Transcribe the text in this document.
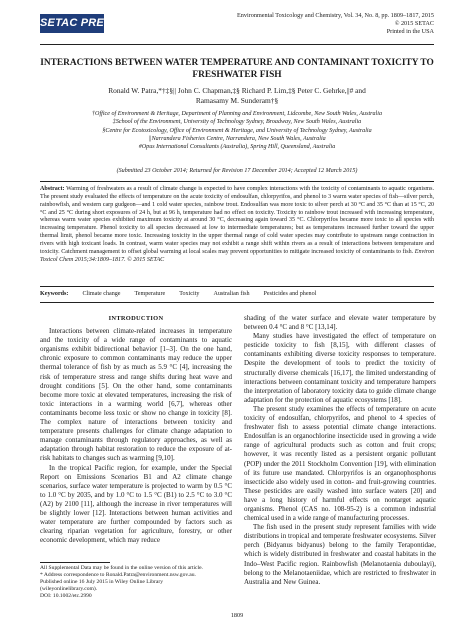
SETAC PRESS
Environmental Toxicology and Chemistry, Vol. 34, No. 8, pp. 1809–1817, 2015
© 2015 SETAC
Printed in the USA
INTERACTIONS BETWEEN WATER TEMPERATURE AND CONTAMINANT TOXICITY TO FRESHWATER FISH
Ronald W. Patra,*†‡§|| John C. Chapman,‡§ Richard P. Lim,‡§ Peter C. Gehrke,||# and
Ramasamy M. Sunderam†§
†Office of Environment & Heritage, Department of Planning and Environment, Lidcombe, New South Wales, Australia
‡School of the Environment, University of Technology Sydney, Broadway, New South Wales, Australia
§Centre for Ecotoxicology, Office of Environment & Heritage, and University of Technology Sydney, Australia
||Narrandera Fisheries Centre, Narrandera, New South Wales, Australia
#Opus International Consultants (Australia), Spring Hill, Queensland, Australia
(Submitted 23 October 2014; Returned for Revision 17 December 2014; Accepted 12 March 2015)
Abstract: Warming of freshwaters as a result of climate change is expected to have complex interactions with the toxicity of contaminants to aquatic organisms. The present study evaluated the effects of temperature on the acute toxicity of endosulfan, chlorpyrifos, and phenol to 3 warm water species of fish—silver perch, rainbowfish, and western carp gudgeon—and 1 cold water species, rainbow trout. Endosulfan was more toxic to silver perch at 30 °C and 35 °C than at 15 °C, 20 °C and 25 °C during short exposures of 24 h, but at 96 h, temperature had no effect on toxicity. Toxicity to rainbow trout increased with increasing temperature, whereas warm water species exhibited maximum toxicity at around 30 °C, decreasing again toward 35 °C. Chlorpyrifos became more toxic to all species with increasing temperature. Phenol toxicity to all species decreased at low to intermediate temperatures; but as temperatures increased further toward the upper thermal limit, phenol became more toxic. Increasing toxicity in the upper thermal range of cold water species may contribute to upstream range contraction in rivers with high toxicant loads. In contrast, warm water species may not exhibit a range shift within rivers as a result of interactions between temperature and toxicity. Catchment management to offset global warming at local scales may prevent opportunities to mitigate increased toxicity of contaminants to fish. Environ Toxicol Chem 2015;34:1809–1817. © 2015 SETAC
Keywords: Climate change Temperature Toxicity Australian fish Pesticides and phenol
INTRODUCTION

Interactions between climate-related increases in temperature and the toxicity of a wide range of contaminants to aquatic organisms exhibit bidirectional behavior [1–3]. On the one hand, chronic exposure to common contaminants may reduce the upper thermal tolerance of fish by as much as 5.9 °C [4], increasing the risk of temperature stress and range shifts during heat wave and drought conditions [5]. On the other hand, some contaminants become more toxic at elevated temperatures, increasing the risk of toxic interactions in a warming world [6,7], whereas other contaminants become less toxic or show no change in toxicity [8]. The complex nature of interactions between toxicity and temperature presents challenges for climate change adaptation to manage contaminants through regulatory approaches, as well as adaptation through habitat restoration to reduce the exposure of at-risk habitats to changes such as warming [9,10].

In the tropical Pacific region, for example, under the Special Report on Emissions Scenarios B1 and A2 climate change scenarios, surface water temperature is projected to warm by 0.5 °C to 1.0 °C by 2035, and by 1.0 °C to 1.5 °C (B1) to 2.5 °C to 3.0 °C (A2) by 2100 [11], although the increase in river temperatures will be slightly lower [12]. Interactions between human activities and water temperature are further compounded by factors such as clearing riparian vegetation for agriculture, forestry, or other economic development, which may reduce

shading of the water surface and elevate water temperature by between 0.4 °C and 8 °C [13,14].

Many studies have investigated the effect of temperature on pesticide toxicity to fish [8,15], with different classes of contaminants exhibiting diverse toxicity responses to temperature. Despite the development of tools to predict the toxicity of structurally diverse chemicals [16,17], the limited understanding of interactions between contaminant toxicity and temperature hampers the interpretation of laboratory toxicity data to guide climate change adaptation for the protection of aquatic ecosystems [18].

The present study examines the effects of temperature on acute toxicity of endosulfan, chlorpyrifos, and phenol to 4 species of freshwater fish to assess potential climate change interactions. Endosulfan is an organochlorine insecticide used in growing a wide range of agricultural products such as cotton and fruit crops; however, it was recently listed as a persistent organic pollutant (POP) under the 2011 Stockholm Convention [19], with elimination of its future use mandated. Chlorpyrifos is an organophosphorus insecticide also widely used in cotton- and fruit-growing countries. These pesticides are easily washed into surface waters [20] and have a long history of harmful effects on nontarget aquatic organisms. Phenol (CAS no. 108-95-2) is a common industrial chemical used in a wide range of manufacturing processes.

The fish used in the present study represent families with wide distributions in tropical and temperate freshwater ecosystems. Silver perch (Bidyanus bidyanus) belong to the family Terapontidae, which is widely distributed in freshwater and coastal habitats in the Indo–West Pacific region. Rainbowfish (Melanotaenia duboulayi), belong to the Melanotaeniidae, which are restricted to freshwater in Australia and New Guinea.

All Supplemental Data may be found in the online version of this article.
* Address correspondence to Ronald.Patra@environment.nsw.gov.au.
Published online 16 July 2015 in Wiley Online Library
(wileyonlinelibrary.com).
DOI: 10.1002/etc.2990
1809
